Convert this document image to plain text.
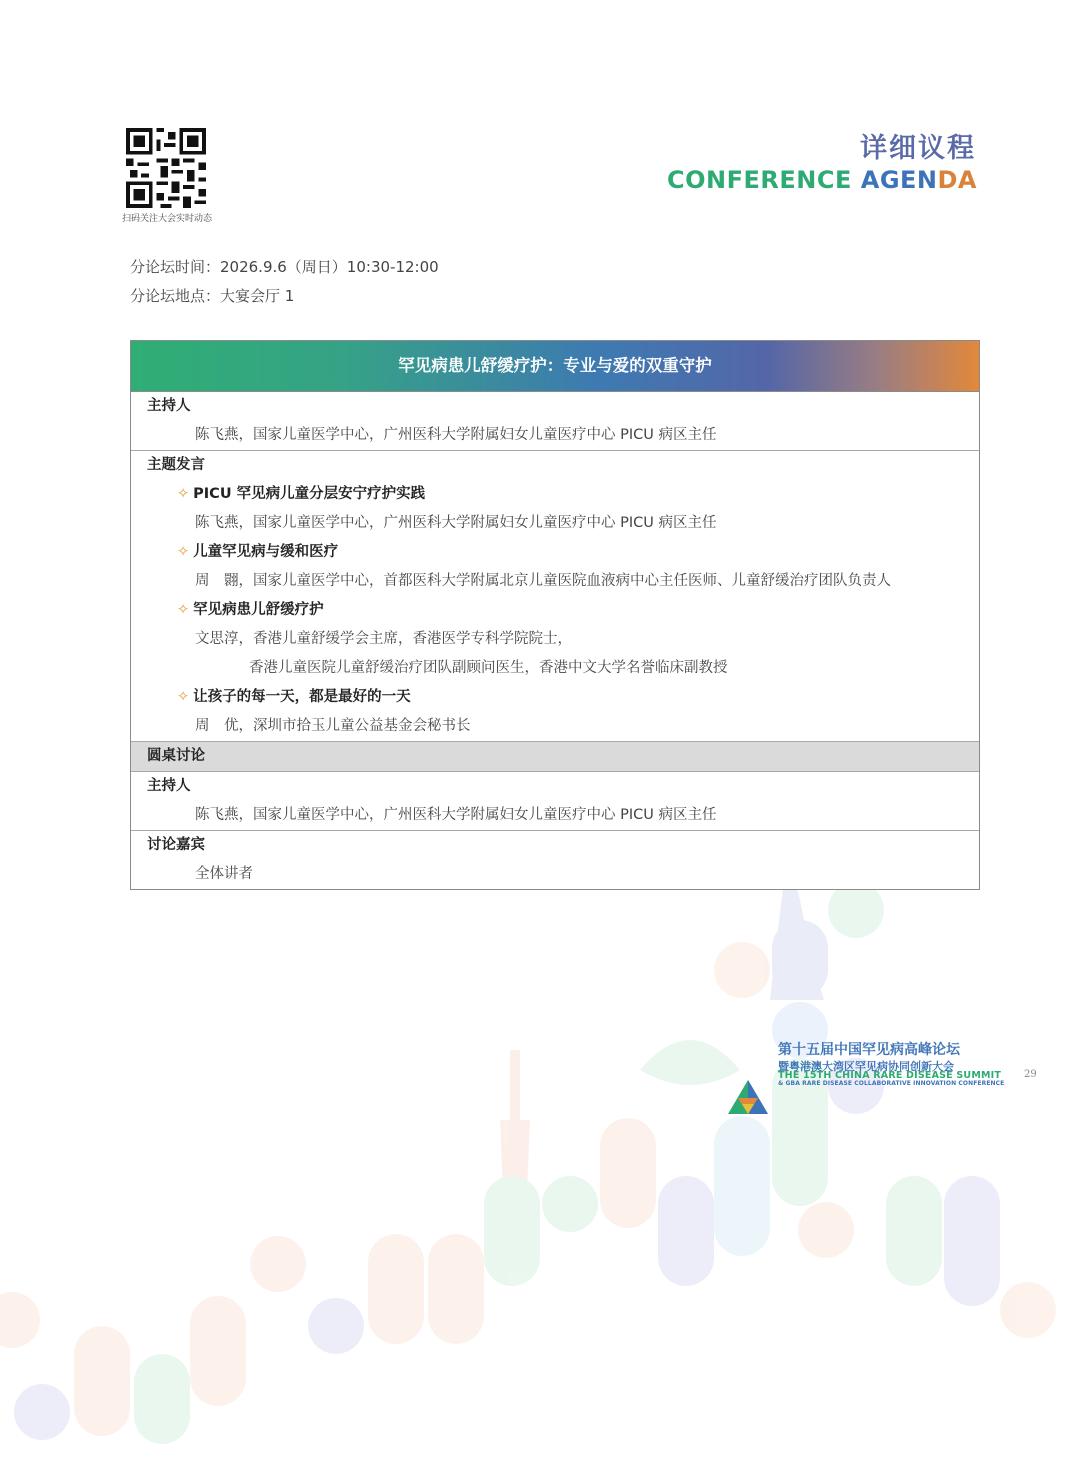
扫码关注大会实时动态
详细议程
CONFERENCE AGENDA
分论坛时间：2026.9.6（周日）10:30-12:00
分论坛地点：大宴会厅 1
罕见病患儿舒缓疗护：专业与爱的双重守护
主持人
陈飞燕，国家儿童医学中心，广州医科大学附属妇女儿童医疗中心 PICU 病区主任
主题发言
✧ PICU 罕见病儿童分层安宁疗护实践
陈飞燕，国家儿童医学中心，广州医科大学附属妇女儿童医疗中心 PICU 病区主任
✧ 儿童罕见病与缓和医疗
周　翾，国家儿童医学中心，首都医科大学附属北京儿童医院血液病中心主任医师、儿童舒缓治疗团队负责人
✧ 罕见病患儿舒缓疗护
文思淳，香港儿童舒缓学会主席，香港医学专科学院院士，
香港儿童医院儿童舒缓治疗团队副顾问医生，香港中文大学名誉临床副教授
✧ 让孩子的每一天，都是最好的一天
周　优，深圳市拾玉儿童公益基金会秘书长
圆桌讨论
主持人
陈飞燕，国家儿童医学中心，广州医科大学附属妇女儿童医疗中心 PICU 病区主任
讨论嘉宾
全体讲者
第十五届中国罕见病高峰论坛
暨粤港澳大湾区罕见病协同创新大会
THE 15TH CHINA RARE DISEASE SUMMIT
& GBA RARE DISEASE COLLABORATIVE INNOVATION CONFERENCE
29
